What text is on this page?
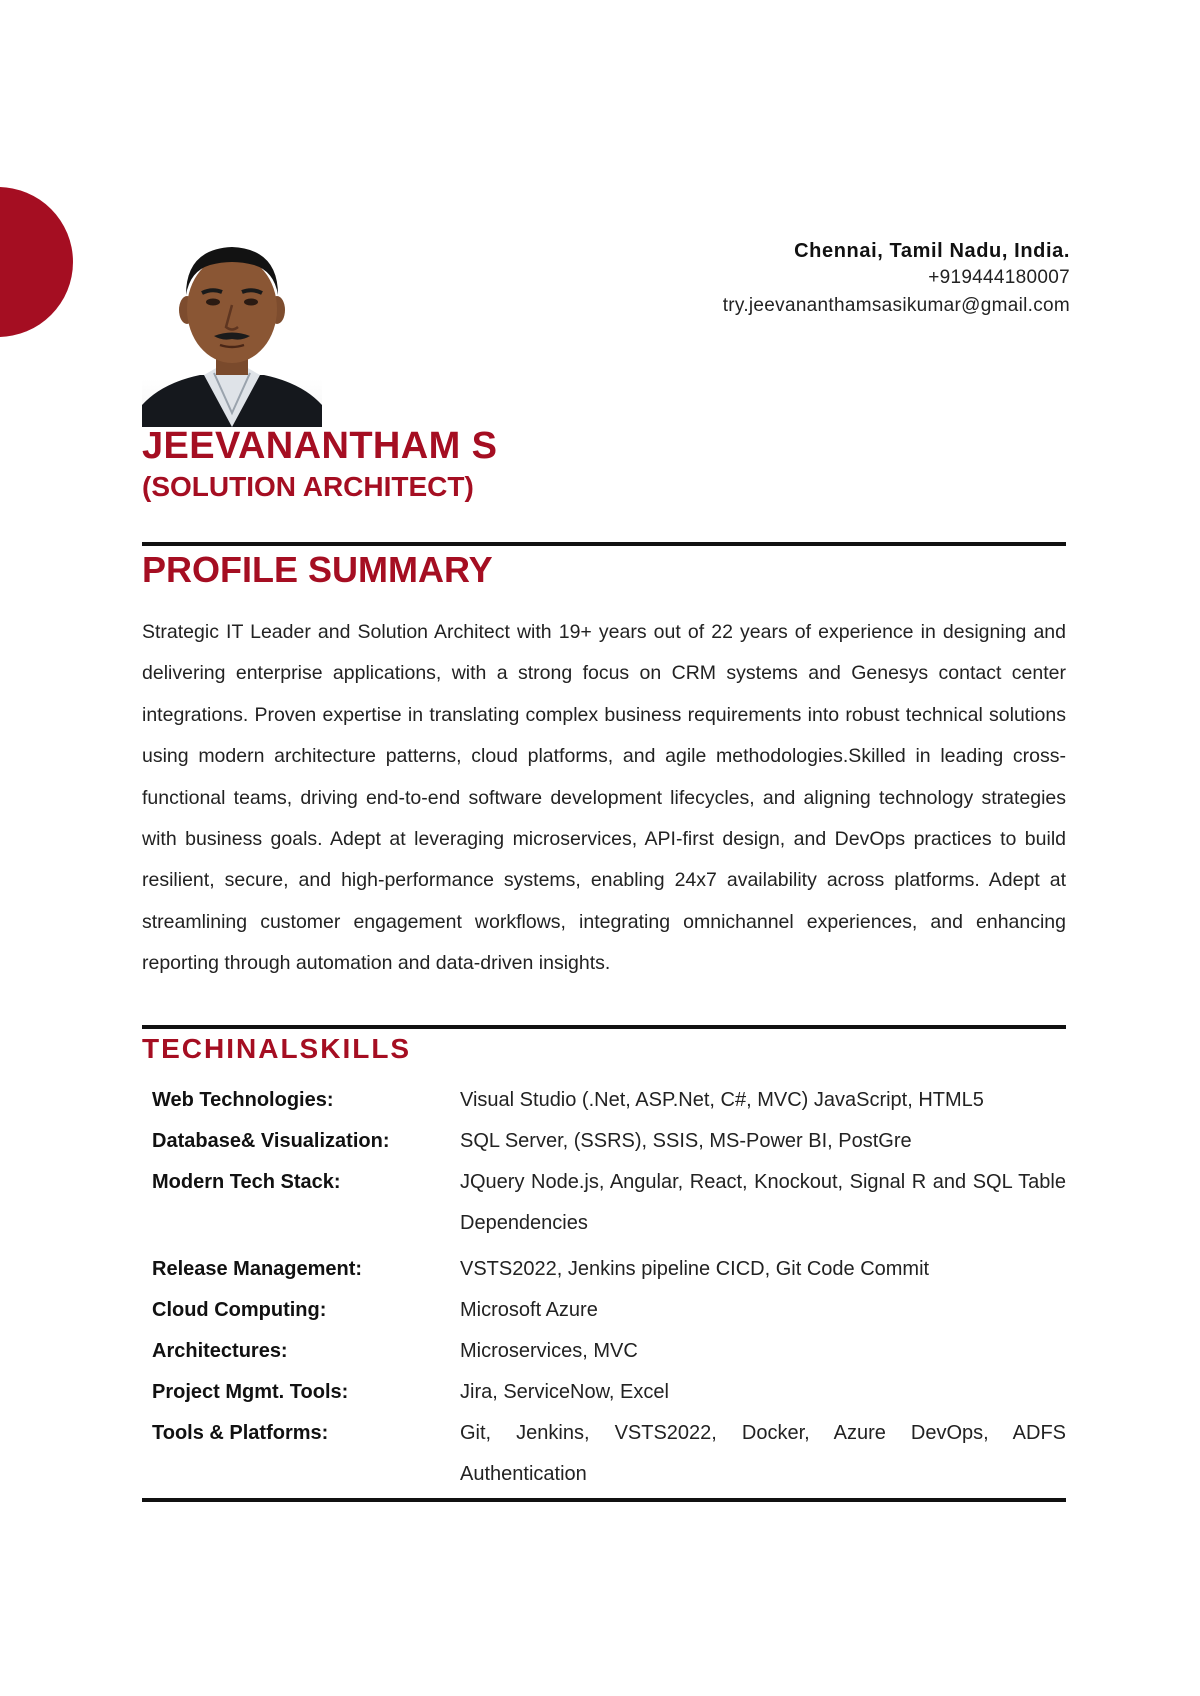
Chennai, Tamil Nadu, India.
+919444180007
try.jeevananthamsasikumar@gmail.com
JEEVANANTHAM S
(SOLUTION ARCHITECT)
PROFILE SUMMARY

Strategic IT Leader and Solution Architect with 19+ years out of 22 years of experience in designing and delivering enterprise applications, with a strong focus on CRM systems and Genesys contact center integrations. Proven expertise in translating complex business requirements into robust technical solutions using modern architecture patterns, cloud platforms, and agile methodologies.Skilled in leading cross-functional teams, driving end-to-end software development lifecycles, and aligning technology strategies with business goals. Adept at leveraging microservices, API-first design, and DevOps practices to build resilient, secure, and high-performance systems, enabling 24x7 availability across platforms. Adept at streamlining customer engagement workflows, integrating omnichannel experiences, and enhancing reporting through automation and data-driven insights.

TECHINALSKILLS
Web Technologies:	Visual Studio (.Net, ASP.Net, C#, MVC) JavaScript, HTML5
Database& Visualization:	SQL Server, (SSRS), SSIS, MS-Power BI, PostGre
Modern Tech Stack:	JQuery Node.js, Angular, React, Knockout, Signal R and SQL Table Dependencies
Release Management:	VSTS2022, Jenkins pipeline CICD, Git Code Commit
Cloud Computing:	Microsoft Azure
Architectures:	Microservices, MVC
Project Mgmt. Tools:	Jira, ServiceNow, Excel
Tools & Platforms:	Git, Jenkins, VSTS2022, Docker, Azure DevOps, ADFS Authentication
